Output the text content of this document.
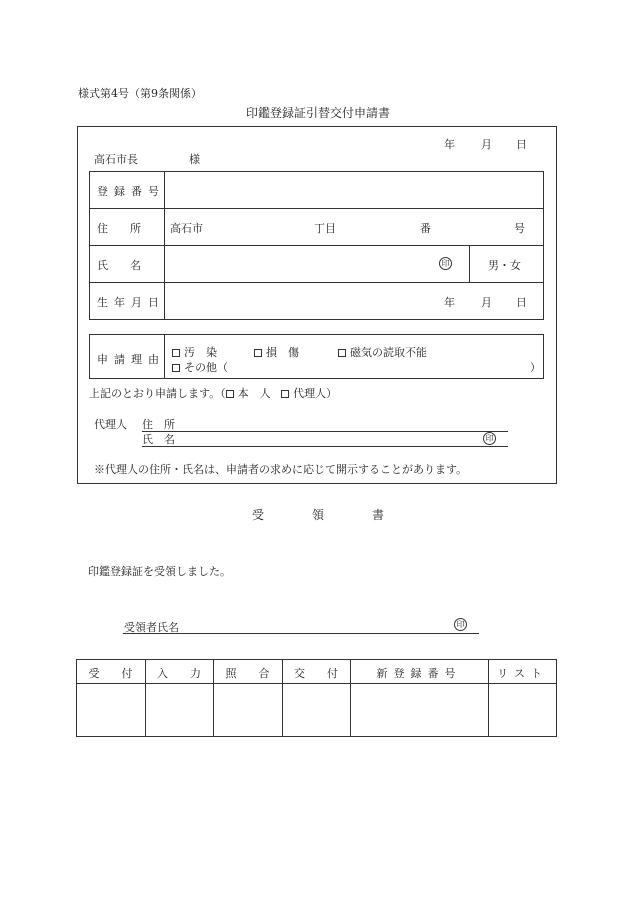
様式第4号（第9条関係）
印鑑登録証引替交付申請書
年 月 日
高石市長	様
登録番号
住　　所	高石市	丁目	番	号
氏　　名	印	男・女
生年月日	年 月 日
申請理由
汚　染	損　傷	磁気の読取不能
その他（	）
上記のとおり申請します。（ 本　人 代理人）
代理人 住　所
氏　名	印
※代理人の住所・氏名は、申請者の求めに応じて開示することがあります。
受　　　　領　　　　書
印鑑登録証を受領しました。
受領者氏名	印
受　　付	入　　力	照　　合	交　　付	新登録番号	リスト
